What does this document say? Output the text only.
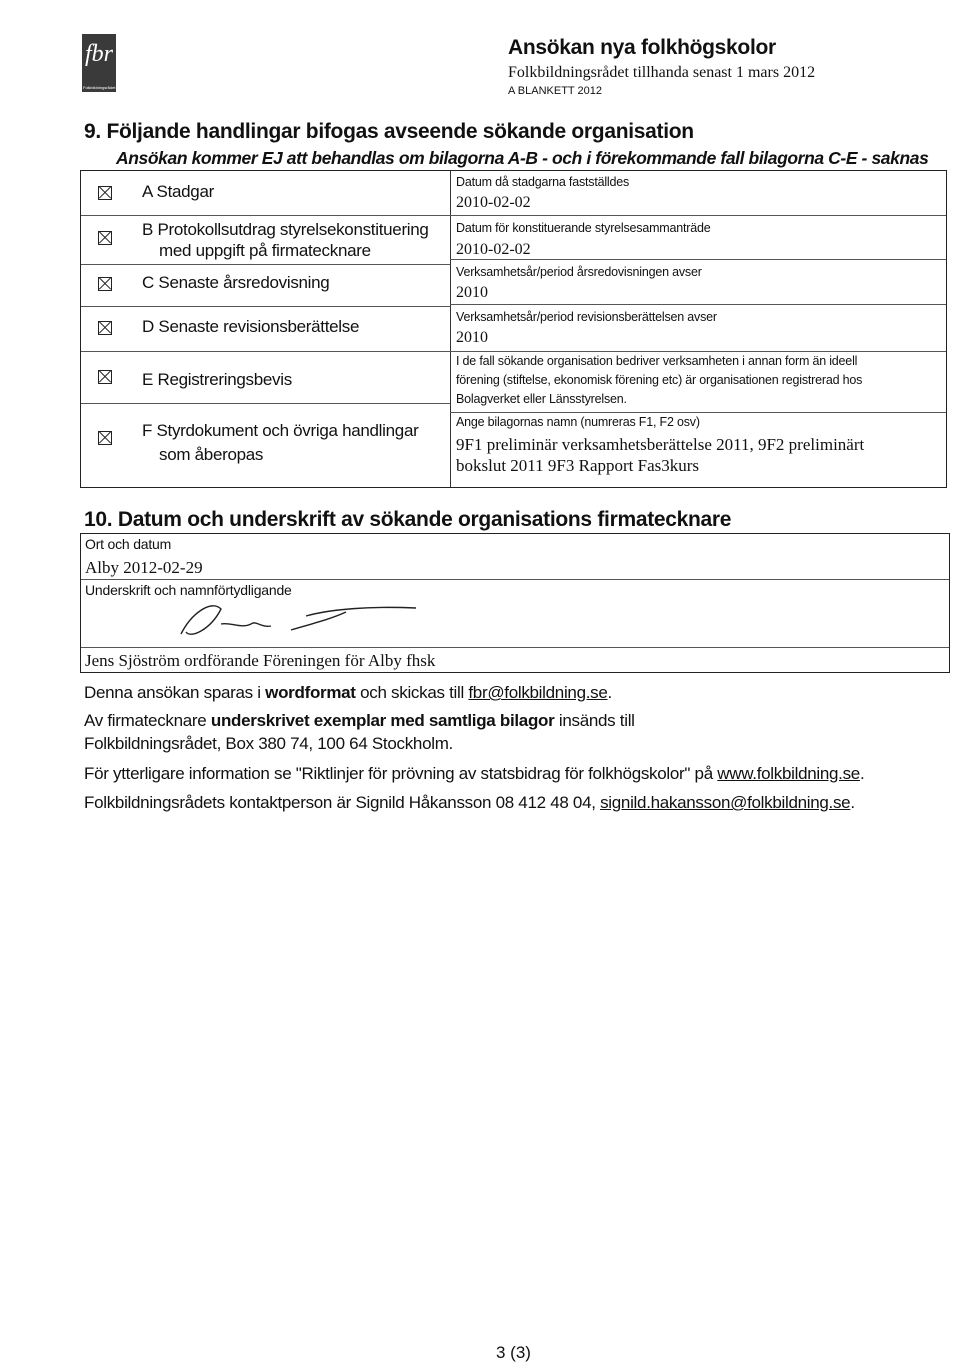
fbr
Folkbildningsrådet
Ansökan nya folkhögskolor
Folkbildningsrådet tillhanda senast 1 mars 2012
A BLANKETT 2012
9. Följande handlingar bifogas avseende sökande organisation
Ansökan kommer EJ att behandlas om bilagorna A-B - och i förekommande fall bilagorna C-E - saknas
A Stadgar	Datum då stadgarna fastställdes
2010-02-02
B Protokollsutdrag styrelsekonstituering
med uppgift på firmatecknare
Datum för konstituerande styrelsesammanträde
2010-02-02
C Senaste årsredovisning
Verksamhetsår/period årsredovisningen avser
2010
D Senaste revisionsberättelse	Verksamhetsår/period revisionsberättelsen avser
2010
E Registreringsbevis
I de fall sökande organisation bedriver verksamheten i annan form än ideell
förening (stiftelse, ekonomisk förening etc) är organisationen registrerad hos
Bolagverket eller Länsstyrelsen.
F Styrdokument och övriga handlingar
som åberopas
Ange bilagornas namn (numreras F1, F2 osv)
9F1 preliminär verksamhetsberättelse 2011, 9F2 preliminärt
bokslut 2011 9F3 Rapport Fas3kurs
10. Datum och underskrift av sökande organisations firmatecknare
Ort och datum
Alby 2012-02-29
Underskrift och namnförtydligande
Jens Sjöström ordförande Föreningen för Alby fhsk
Denna ansökan sparas i wordformat och skickas till fbr@folkbildning.se.
Av firmatecknare underskrivet exemplar med samtliga bilagor insänds till
Folkbildningsrådet, Box 380 74, 100 64 Stockholm.
För ytterligare information se "Riktlinjer för prövning av statsbidrag för folkhögskolor" på www.folkbildning.se.
Folkbildningsrådets kontaktperson är Signild Håkansson 08 412 48 04, signild.hakansson@folkbildning.se.
3 (3)
